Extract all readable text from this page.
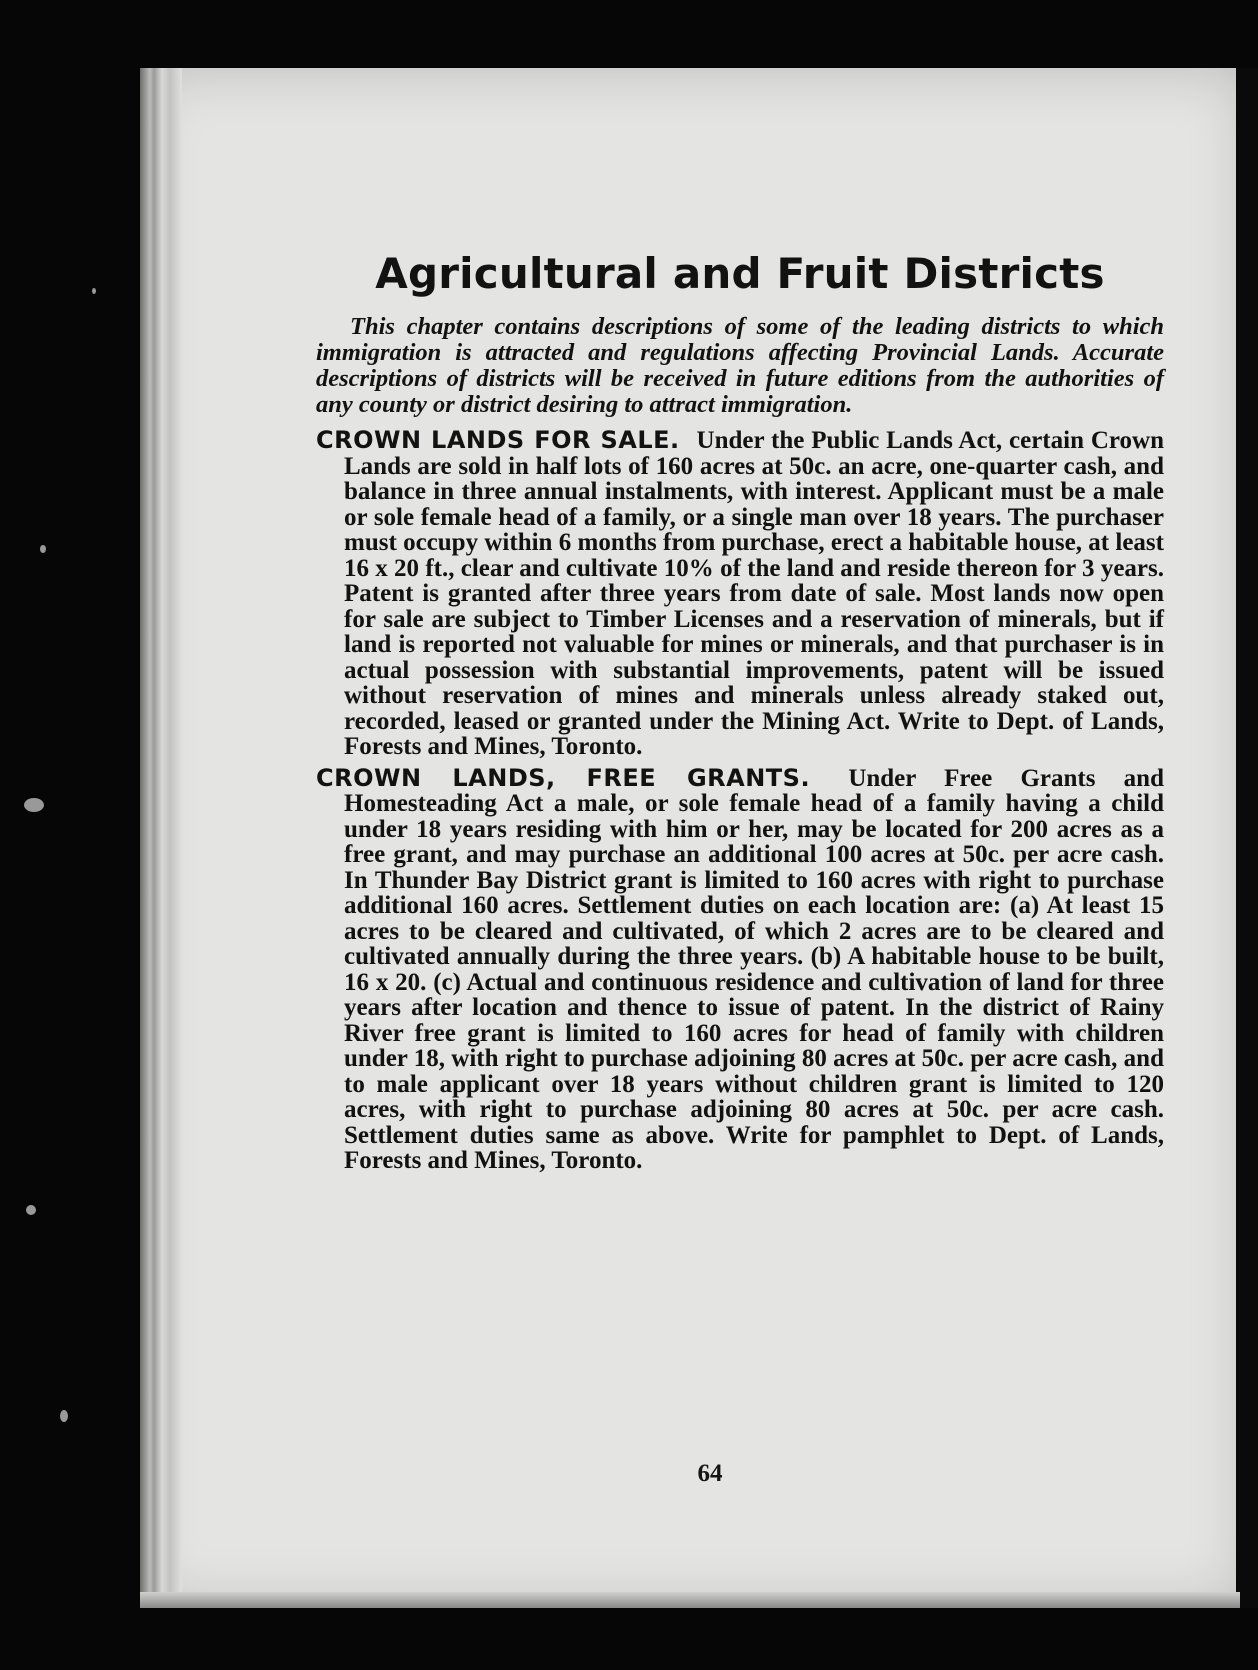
Agricultural and Fruit Districts

This chapter contains descriptions of some of the leading districts to which immigration is attracted and regulations affecting Provincial Lands. Accurate descriptions of districts will be received in future editions from the authorities of any county or district desiring to attract immigration.

CROWN LANDS FOR SALE. Under the Public Lands Act, certain Crown Lands are sold in half lots of 160 acres at 50c. an acre, one-quarter cash, and balance in three annual instalments, with interest. Applicant must be a male or sole female head of a family, or a single man over 18 years. The purchaser must occupy within 6 months from purchase, erect a habitable house, at least 16 x 20 ft., clear and cultivate 10% of the land and reside thereon for 3 years. Patent is granted after three years from date of sale. Most lands now open for sale are subject to Timber Licenses and a reservation of minerals, but if land is reported not valuable for mines or minerals, and that purchaser is in actual possession with substantial improvements, patent will be issued without reservation of mines and minerals unless already staked out, recorded, leased or granted under the Mining Act. Write to Dept. of Lands, Forests and Mines, Toronto.

CROWN LANDS, FREE GRANTS. Under Free Grants and Homesteading Act a male, or sole female head of a family having a child under 18 years residing with him or her, may be located for 200 acres as a free grant, and may purchase an additional 100 acres at 50c. per acre cash. In Thunder Bay District grant is limited to 160 acres with right to purchase additional 160 acres. Settlement duties on each location are: (a) At least 15 acres to be cleared and cultivated, of which 2 acres are to be cleared and cultivated annually during the three years. (b) A habitable house to be built, 16 x 20. (c) Actual and continuous residence and cultivation of land for three years after location and thence to issue of patent. In the district of Rainy River free grant is limited to 160 acres for head of family with children under 18, with right to purchase adjoining 80 acres at 50c. per acre cash, and to male applicant over 18 years without children grant is limited to 120 acres, with right to purchase adjoining 80 acres at 50c. per acre cash. Settlement duties same as above. Write for pamphlet to Dept. of Lands, Forests and Mines, Toronto.

64
